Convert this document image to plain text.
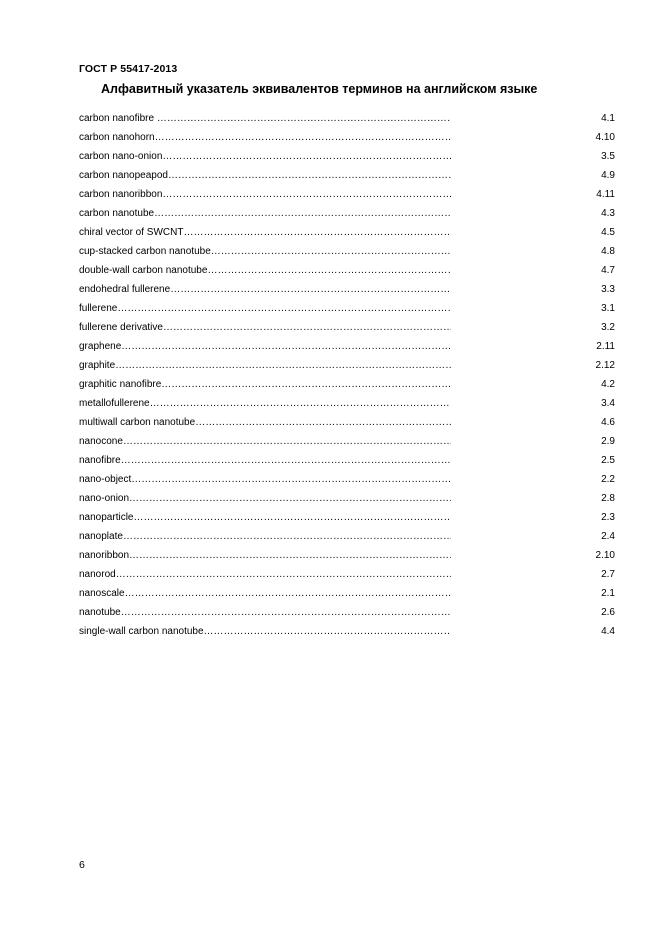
ГОСТ Р 55417-2013
Алфавитный указатель эквивалентов терминов на английском языке
carbon nanofibre ……………………………………………………………………………………………………………………………………	4.1
carbon nanohorn ……………………………………………………………………………………………………………………………………	4.10
carbon nano-onion ……………………………………………………………………………………………………………………………………	3.5
carbon nanopeapod ……………………………………………………………………………………………………………………………………	4.9
carbon nanoribbon ……………………………………………………………………………………………………………………………………	4.11
carbon nanotube ……………………………………………………………………………………………………………………………………	4.3
chiral vector of SWCNT ……………………………………………………………………………………………………………………………………	4.5
cup-stacked carbon nanotube ……………………………………………………………………………………………………………………………………	4.8
double-wall carbon nanotube ……………………………………………………………………………………………………………………………………	4.7
endohedral fullerene ……………………………………………………………………………………………………………………………………	3.3
fullerene ……………………………………………………………………………………………………………………………………	3.1
fullerene derivative ……………………………………………………………………………………………………………………………………	3.2
graphene ……………………………………………………………………………………………………………………………………	2.11
graphite ……………………………………………………………………………………………………………………………………	2.12
graphitic nanofibre ……………………………………………………………………………………………………………………………………	4.2
metallofullerene ……………………………………………………………………………………………………………………………………	3.4
multiwall carbon nanotube ……………………………………………………………………………………………………………………………………	4.6
nanocone ……………………………………………………………………………………………………………………………………	2.9
nanofibre ……………………………………………………………………………………………………………………………………	2.5
nano-object ……………………………………………………………………………………………………………………………………	2.2
nano-onion ……………………………………………………………………………………………………………………………………	2.8
nanoparticle ……………………………………………………………………………………………………………………………………	2.3
nanoplate ……………………………………………………………………………………………………………………………………	2.4
nanoribbon ……………………………………………………………………………………………………………………………………	2.10
nanorod ……………………………………………………………………………………………………………………………………	2.7
nanoscale ……………………………………………………………………………………………………………………………………	2.1
nanotube ……………………………………………………………………………………………………………………………………	2.6
single-wall carbon nanotube ……………………………………………………………………………………………………………………………………	4.4
6
